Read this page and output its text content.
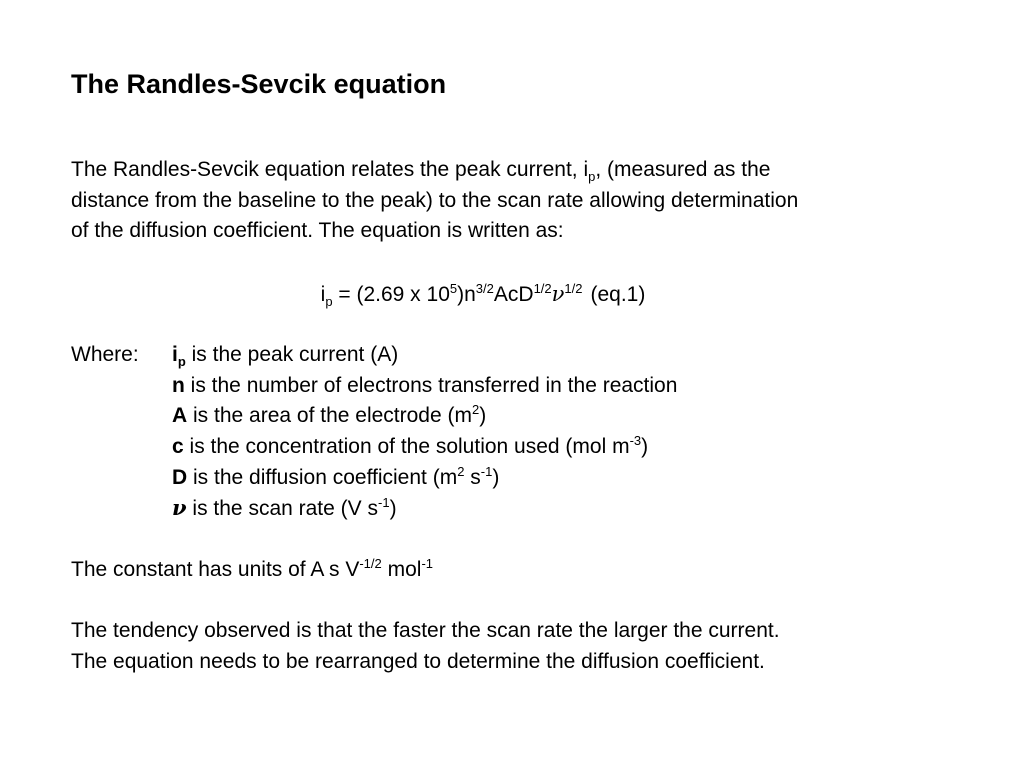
The Randles-Sevcik equation
The Randles-Sevcik equation relates the peak current, $i_p$, (measured as the
distance from the baseline to the peak) to the scan rate allowing determination
of the diffusion coefficient. The equation is written as:
$i_p = (2.69$ x $10^5)n^{3/2}AcD^{1/2}\nu^{1/2}$ (eq.1)
Where: $i_p$ is the peak current (A)
n is the number of electrons transferred in the reaction
A is the area of the electrode $(m^2)$
c is the concentration of the solution used (mol $m^{-3}$)
D is the diffusion coefficient ($m^2$ $s^{-1}$)
ν is the scan rate (V $s^{-1}$)
The constant has units of A s $V^{-1/2}$ mol$^{-1}$
The tendency observed is that the faster the scan rate the larger the current.
The equation needs to be rearranged to determine the diffusion coefficient.
